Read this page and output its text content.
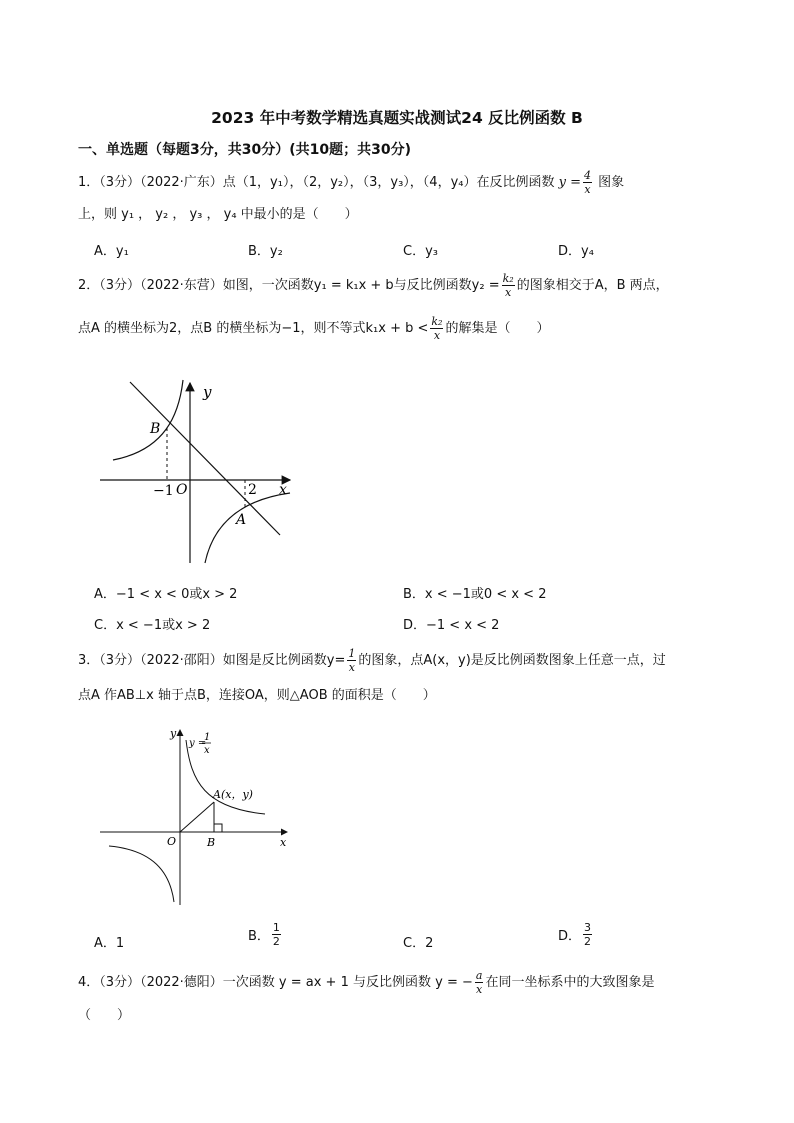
2023 年中考数学精选真题实战测试24 反比例函数 B
一、单选题（每题3分，共30分）(共10题；共30分)
1．（3分）（2022·广东）点（1，y₁），（2，y₂），（3，y₃），（4，y₄）在反比例函数 $y = \frac{4}{x}$ 图象
上，则 y₁ ， y₂ ， y₃ ， y₄ 中最小的是（　　）
A．y₁	B．y₂	C．y₃	D．y₄
2．（3分）（2022·东营）如图，一次函数y₁ = k₁x + b与反比例函数$y_2 = \frac{\text{k₂}}{x}$ 的图象相交于A，B 两点，
点A 的横坐标为2，点B 的横坐标为−1，则不等式$k_1x + b < \frac{\text{k₂}}{x}$ 的解集是（　　）
y
x
O
−1	2
B
A
A．−1 < x < 0或x > 2	B．x < −1或0 < x < 2
C．x < −1或x > 2	D．−1 < x < 2
3．（3分）（2022·邵阳）如图是反比例函数$y= \frac{1}{x}$ 的图象，点A(x，y)是反比例函数图象上任意一点，过
点A 作AB⊥x 轴于点B，连接OA，则△AOB 的面积是（　　）
y
x
O
y =
1
x
A(x，y)
B
A．1	B． $\frac{1}{2}$	C．2	D． $\frac{3}{2}$
4．（3分）（2022·德阳）一次函数 y = ax + 1 与反比例函数 y = − $\frac{a}{x}$ 在同一坐标系中的大致图象是
（　　）
